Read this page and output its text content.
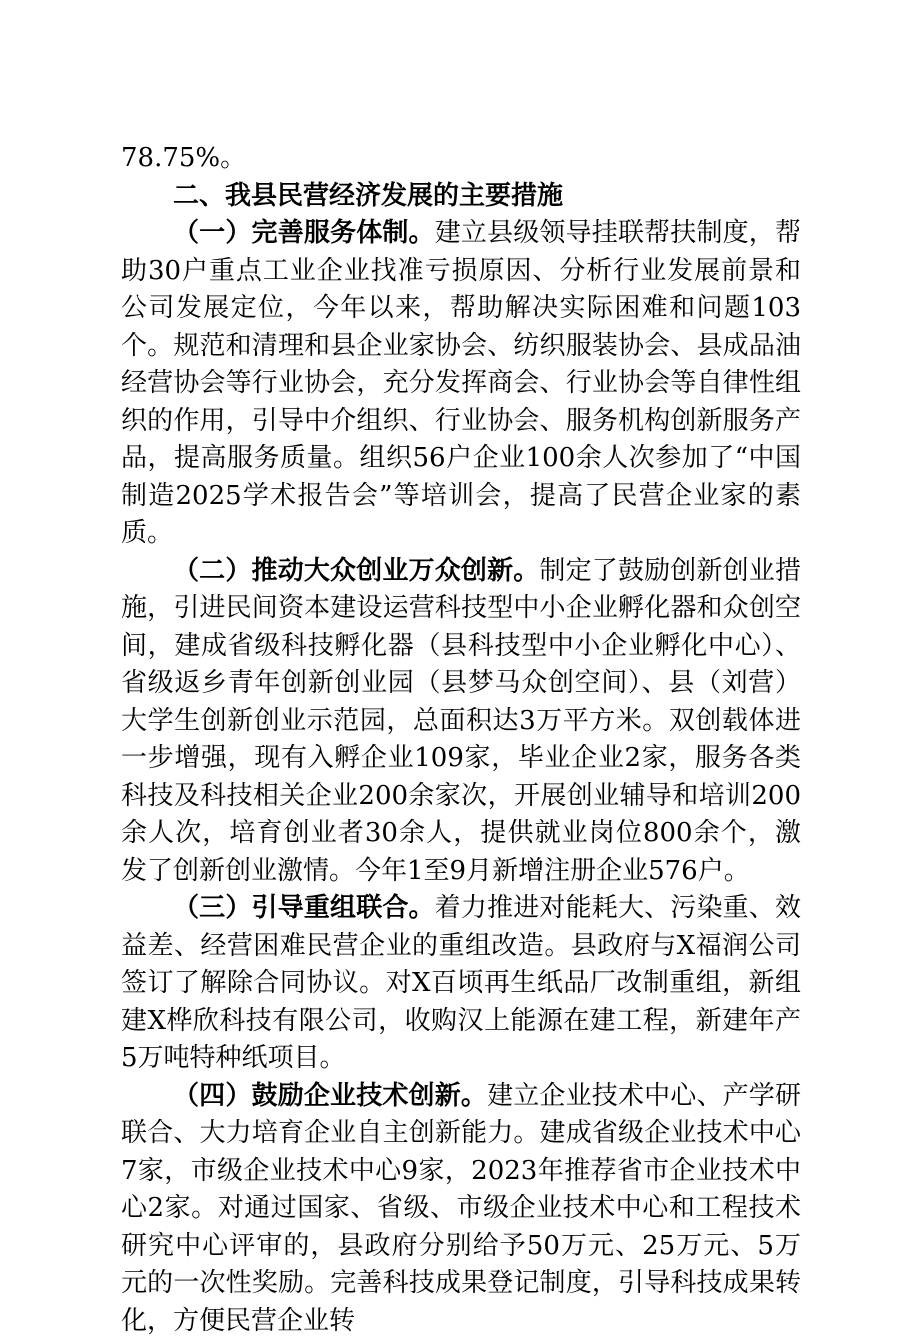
78.75%。

二、我县民营经济发展的主要措施

（一）完善服务体制。建立县级领导挂联帮扶制度，帮助30户重点工业企业找准亏损原因、分析行业发展前景和公司发展定位，今年以来，帮助解决实际困难和问题103个。规范和清理和县企业家协会、纺织服装协会、县成品油经营协会等行业协会，充分发挥商会、行业协会等自律性组织的作用，引导中介组织、行业协会、服务机构创新服务产品，提高服务质量。组织56户企业100余人次参加了“中国制造2025学术报告会”等培训会，提高了民营企业家的素质。

（二）推动大众创业万众创新。制定了鼓励创新创业措施，引进民间资本建设运营科技型中小企业孵化器和众创空间，建成省级科技孵化器（县科技型中小企业孵化中心）、省级返乡青年创新创业园（县梦马众创空间）、县（刘营）大学生创新创业示范园，总面积达3万平方米。双创载体进一步增强，现有入孵企业109家，毕业企业2家，服务各类科技及科技相关企业200余家次，开展创业辅导和培训200余人次，培育创业者30余人，提供就业岗位800余个，激发了创新创业激情。今年1至9月新增注册企业576户。

（三）引导重组联合。着力推进对能耗大、污染重、效益差、经营困难民营企业的重组改造。县政府与X福润公司签订了解除合同协议。对X百顷再生纸品厂改制重组，新组建X桦欣科技有限公司，收购汉上能源在建工程，新建年产5万吨特种纸项目。

（四）鼓励企业技术创新。建立企业技术中心、产学研联合、大力培育企业自主创新能力。建成省级企业技术中心7家，市级企业技术中心9家，2023年推荐省市企业技术中心2家。对通过国家、省级、市级企业技术中心和工程技术研究中心评审的，县政府分别给予50万元、25万元、5万元的一次性奖励。完善科技成果登记制度，引导科技成果转化，方便民营企业转
